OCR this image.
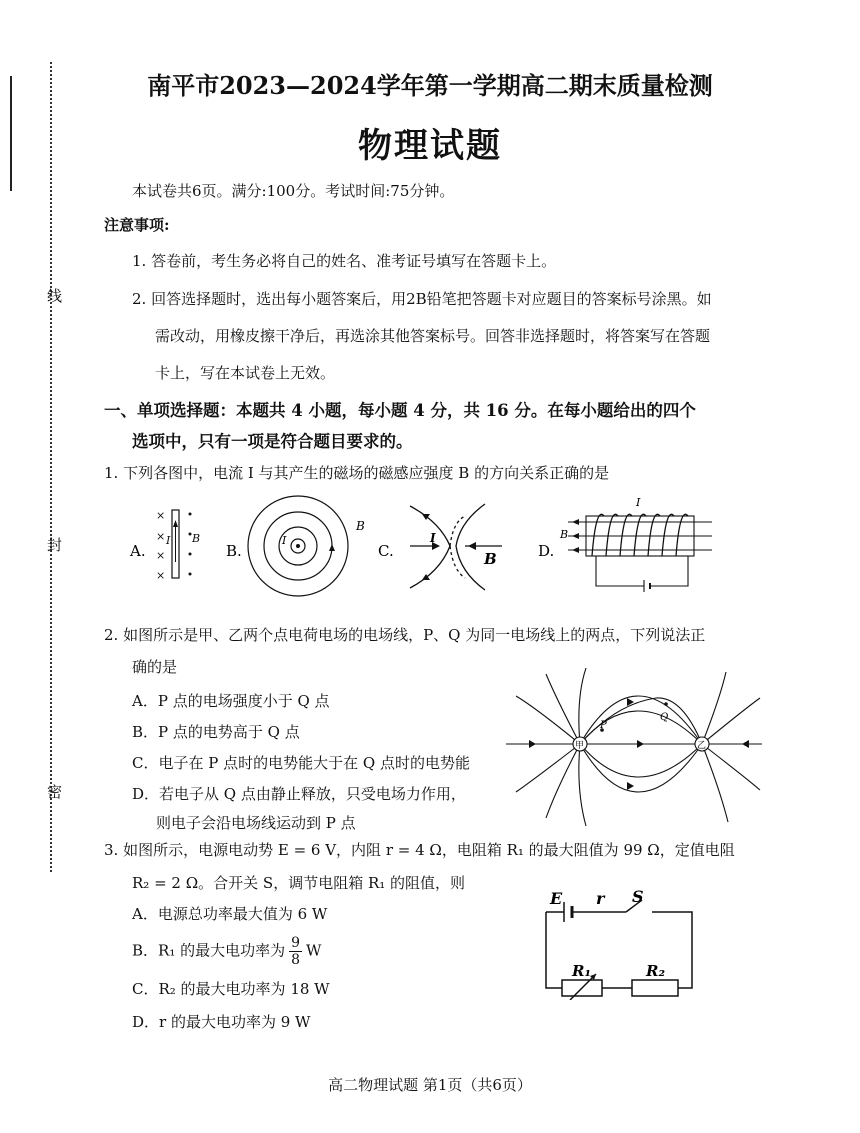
线
封
密
南平市2023—2024学年第一学期高二期末质量检测
物理试题
本试卷共6页。满分:100分。考试时间:75分钟。
注意事项:
1. 答卷前，考生务必将自己的姓名、准考证号填写在答题卡上。
2. 回答选择题时，选出每小题答案后，用2B铅笔把答题卡对应题目的答案标号涂黑。如
需改动，用橡皮擦干净后，再选涂其他答案标号。回答非选择题时，将答案写在答题
卡上，写在本试卷上无效。
一、单项选择题：本题共 4 小题，每小题 4 分，共 16 分。在每小题给出的四个
选项中，只有一项是符合题目要求的。
1. 下列各图中，电流 I 与其产生的磁场的磁感应强度 B 的方向关系正确的是
A.
×
×
×
×
I B
B.
I
B
C.
I
B	D.
I
B
2. 如图所示是甲、乙两个点电荷电场的电场线，P、Q 为同一电场线上的两点，下列说法正
确的是
A．P 点的电场强度小于 Q 点
B．P 点的电势高于 Q 点
C．电子在 P 点时的电势能大于在 Q 点时的电势能
D．若电子从 Q 点由静止释放，只受电场力作用，
则电子会沿电场线运动到 P 点
P
Q
甲	乙
3. 如图所示，电源电动势 E = 6 V，内阻 r = 4 Ω，电阻箱 R₁ 的最大阻值为 99 Ω，定值电阻
R₂ = 2 Ω。合开关 S，调节电阻箱 R₁ 的阻值，则
A．电源总功率最大值为 6 W
B．R₁ 的最大电功率为 $\frac{9}{8}$ W
C．R₂ 的最大电功率为 18 W
D．r 的最大电功率为 9 W
E r S
R₁	R₂
高二物理试题 第1页（共6页）
